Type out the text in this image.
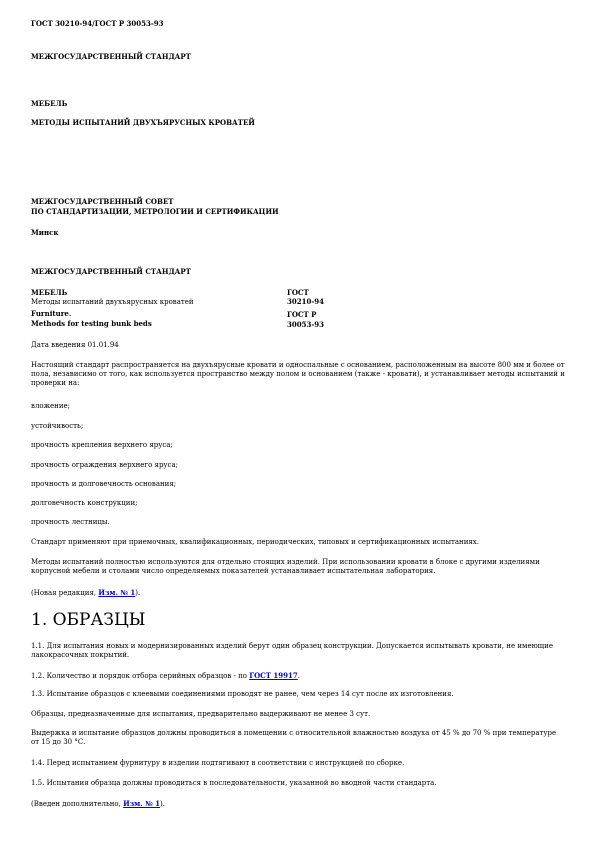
ГОСТ 30210-94/ГОСТ Р 30053-93
МЕЖГОСУДАРСТВЕННЫЙ СТАНДАРТ
МЕБЕЛЬ
МЕТОДЫ ИСПЫТАНИЙ ДВУХЪЯРУСНЫХ КРОВАТЕЙ
МЕЖГОСУДАРСТВЕННЫЙ СОВЕТ
ПО СТАНДАРТИЗАЦИИ, МЕТРОЛОГИИ И СЕРТИФИКАЦИИ
Минск
МЕЖГОСУДАРСТВЕННЫЙ СТАНДАРТ
МЕБЕЛЬ
Методы испытаний двухъярусных кроватей
Furniture.
Methods for testing bunk beds
ГОСТ
30210-94
ГОСТ Р
30053-93
Дата введения 01.01.94
Настоящий стандарт распространяется на двухъярусные кровати и односпальные с основанием, расположенным на высоте 800 мм и более от пола, независимо от того, как используется пространство между полом и основанием (также - кровати), и устанавливает методы испытаний и проверки на:
вложение;
устойчивость;
прочность крепления верхнего яруса;
прочность ограждения верхнего яруса;
прочность и долговечность основания;
долговечность конструкции;
прочность лестницы.
Стандарт применяют при приемочных, квалификационных, периодических, типовых и сертификационных испытаниях.
Методы испытаний полностью используются для отдельно стоящих изделий. При использовании кровати в блоке с другими изделиями корпусной мебели и столами число определяемых показателей устанавливает испытательная лаборатория.
(Новая редакция, Изм. № 1).
1. ОБРАЗЦЫ
1.1. Для испытания новых и модернизированных изделий берут один образец конструкции. Допускается испытывать кровати, не имеющие лакокрасочных покрытий.
1.2. Количество и порядок отбора серийных образцов - по ГОСТ 19917.
1.3. Испытание образцов с клеевыми соединениями проводят не ранее, чем через 14 сут после их изготовления.
Образцы, предназначенные для испытания, предварительно выдерживают не менее 3 сут.
Выдержка и испытание образцов должны проводиться в помещении с относительной влажностью воздуха от 45 % до 70 % при температуре от 15 до 30 °С.
1.4. Перед испытанием фурнитуру в изделии подтягивают в соответствии с инструкцией по сборке.
1.5. Испытания образца должны проводиться в последовательности, указанной во вводной части стандарта.
(Введен дополнительно, Изм. № 1).
